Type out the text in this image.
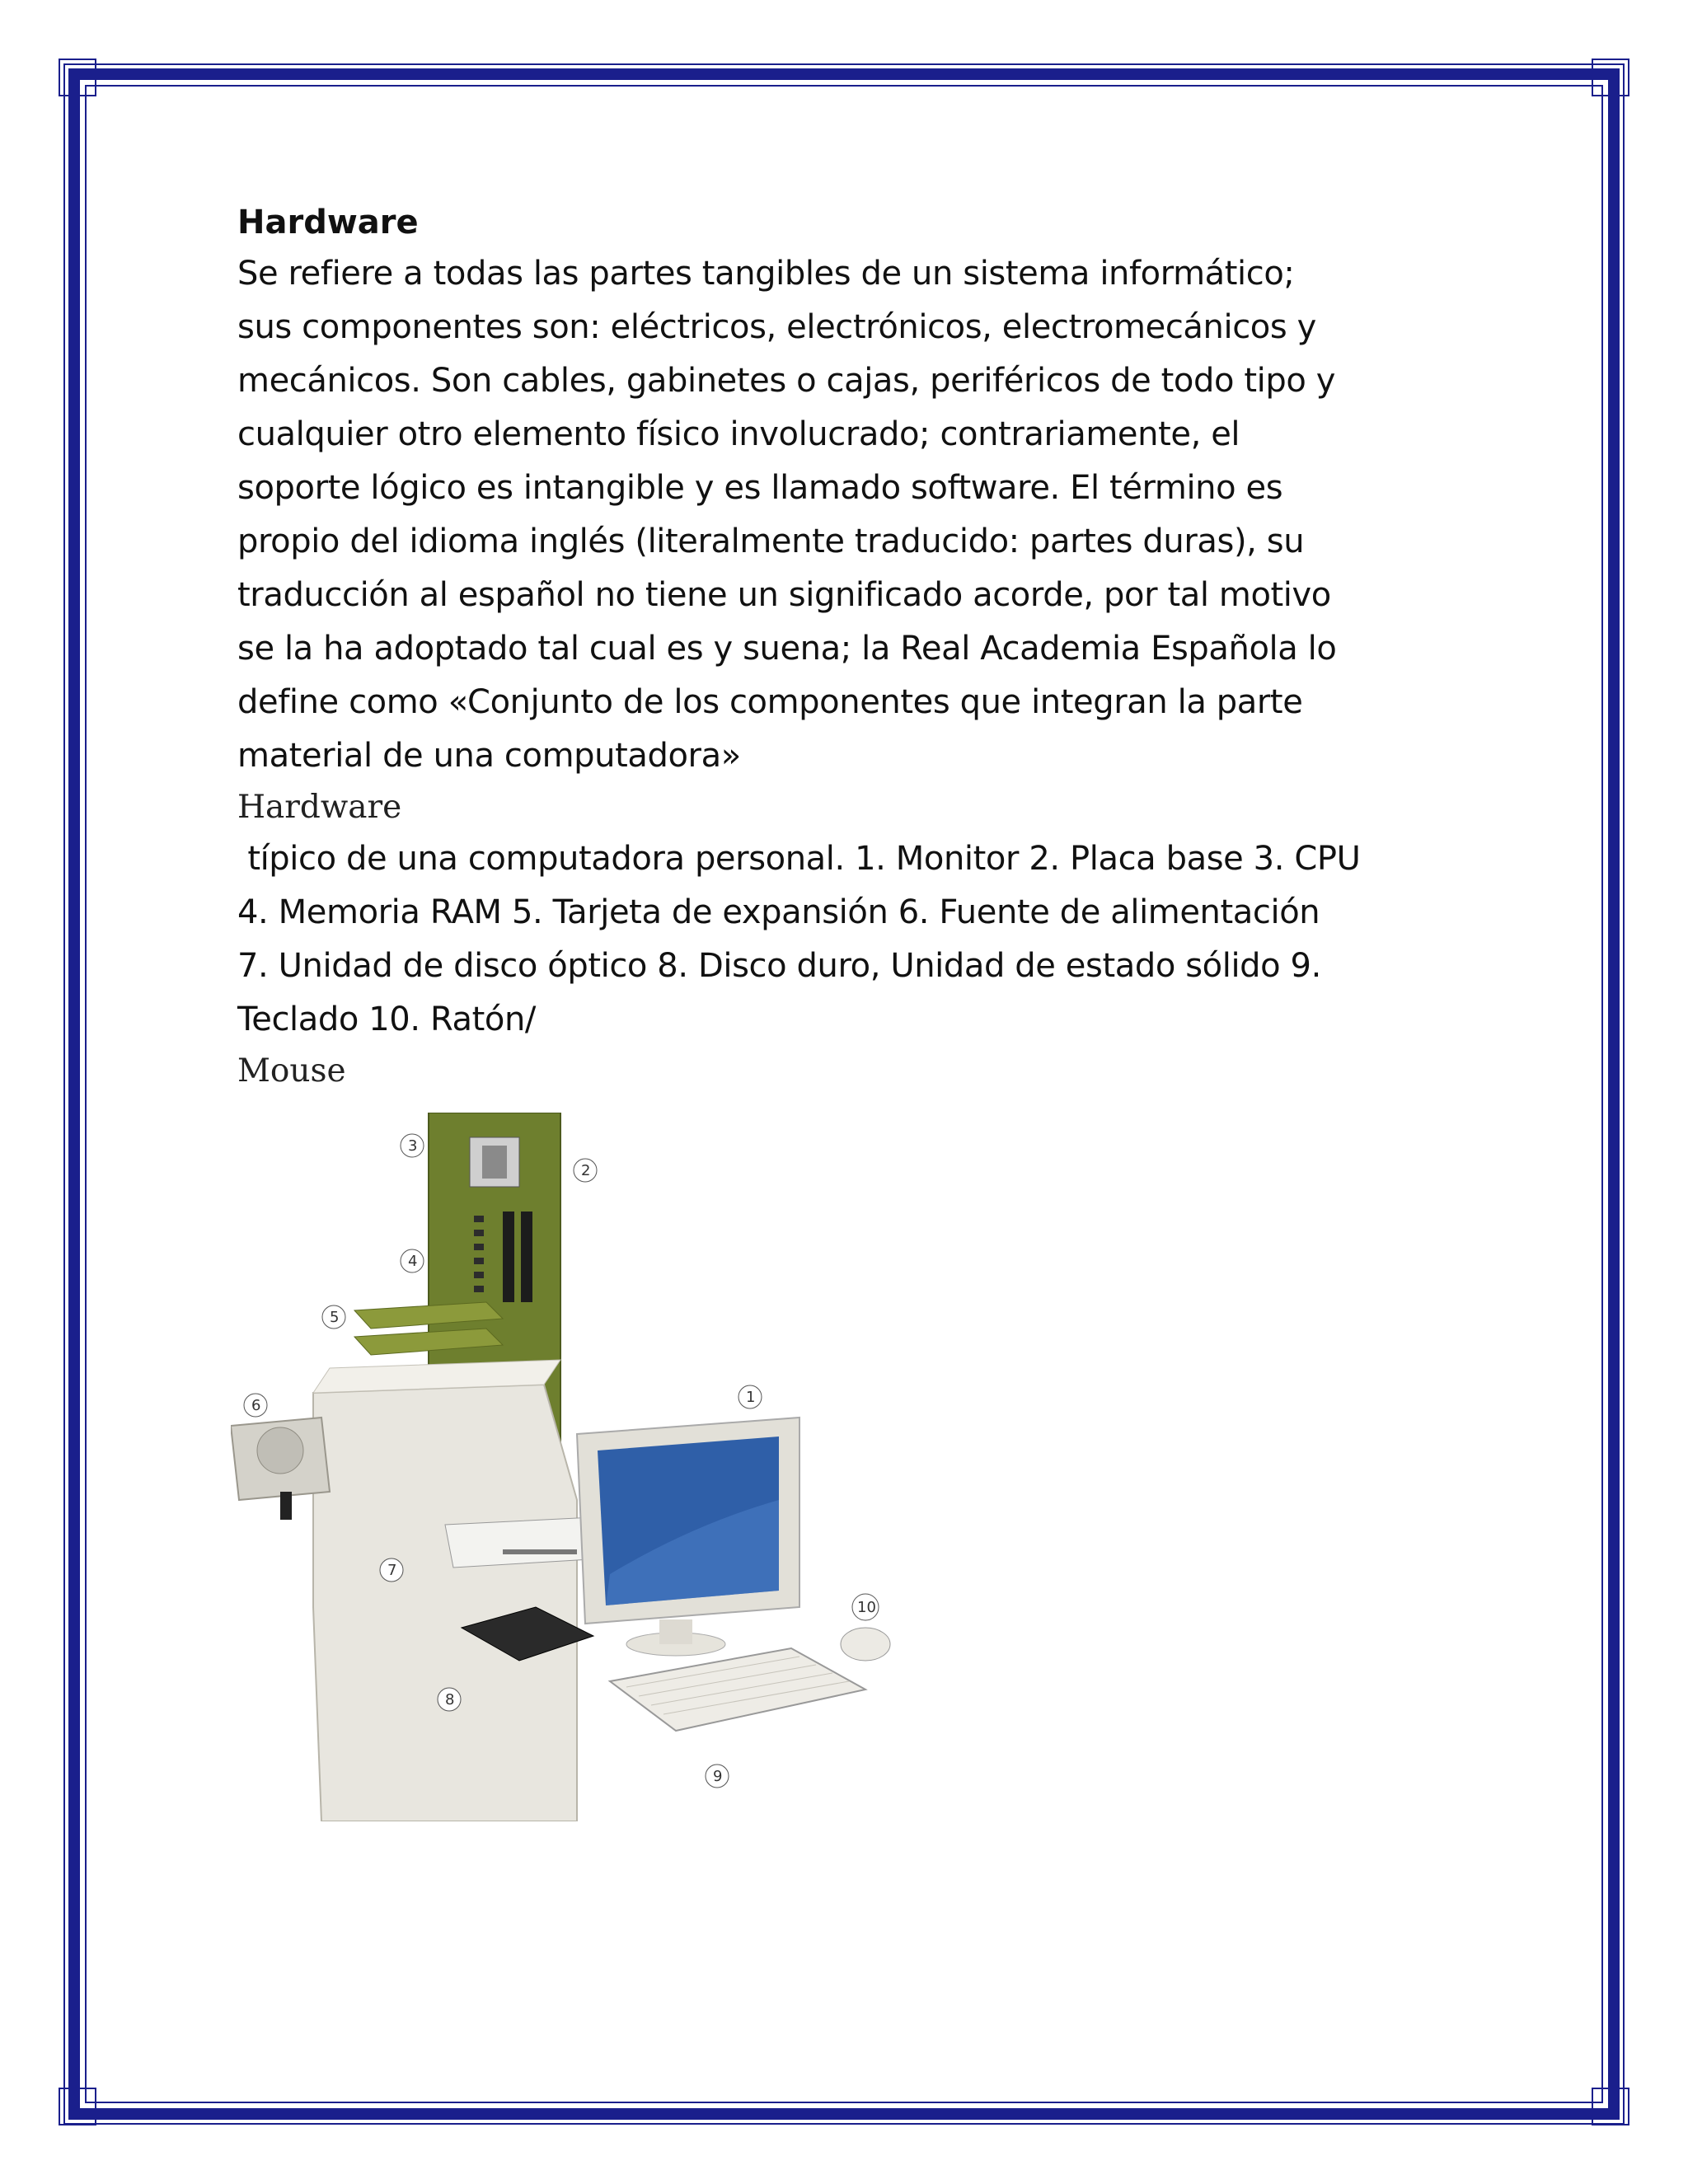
Hardware

Se refiere a todas las partes tangibles de un sistema informático;

sus componentes son: eléctricos, electrónicos, electromecánicos y

mecánicos. Son cables, gabinetes o cajas, periféricos de todo tipo y

cualquier otro elemento físico involucrado; contrariamente, el

soporte lógico es intangible y es llamado software. El término es

propio del idioma inglés (literalmente traducido: partes duras), su

traducción al español no tiene un significado acorde, por tal motivo

se la ha adoptado tal cual es y suena; la Real Academia Española lo

define como «Conjunto de los componentes que integran la parte

material de una computadora»

Hardware

típico de una computadora personal. 1. Monitor 2. Placa base 3. CPU

4. Memoria RAM 5. Tarjeta de expansión 6. Fuente de alimentación

7. Unidad de disco óptico 8. Disco duro, Unidad de estado sólido 9.

Teclado 10. Ratón/

Mouse

3
2
4
5
6	1
7
8
9
10
